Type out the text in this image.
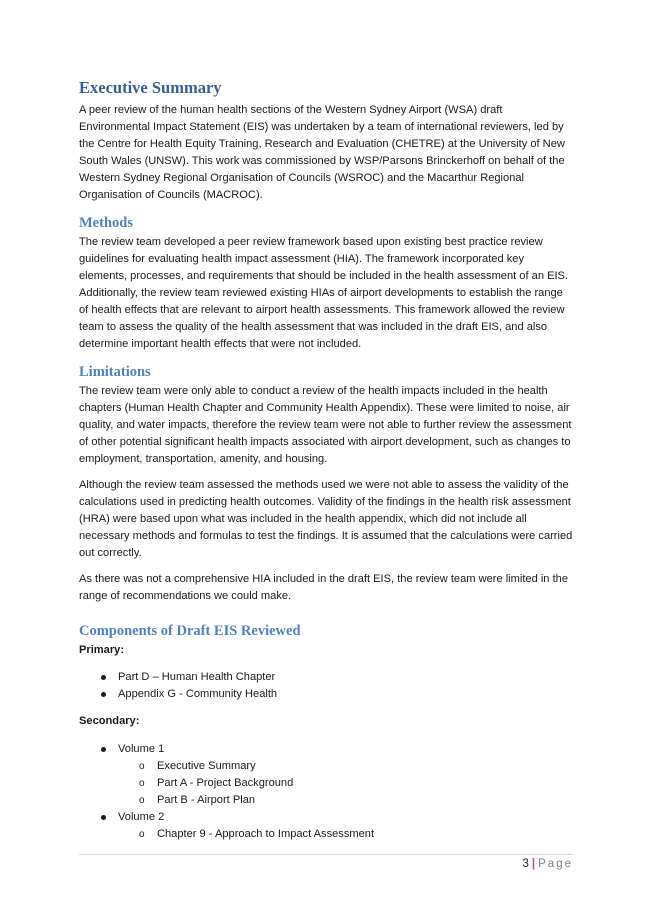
Executive Summary

A peer review of the human health sections of the Western Sydney Airport (WSA) draft Environmental Impact Statement (EIS) was undertaken by a team of international reviewers, led by the Centre for Health Equity Training, Research and Evaluation (CHETRE) at the University of New South Wales (UNSW). This work was commissioned by WSP/Parsons Brinckerhoff on behalf of the Western Sydney Regional Organisation of Councils (WSROC) and the Macarthur Regional Organisation of Councils (MACROC).

Methods

The review team developed a peer review framework based upon existing best practice review guidelines for evaluating health impact assessment (HIA). The framework incorporated key elements, processes, and requirements that should be included in the health assessment of an EIS. Additionally, the review team reviewed existing HIAs of airport developments to establish the range of health effects that are relevant to airport health assessments. This framework allowed the review team to assess the quality of the health assessment that was included in the draft EIS, and also determine important health effects that were not included.

Limitations

The review team were only able to conduct a review of the health impacts included in the health chapters (Human Health Chapter and Community Health Appendix). These were limited to noise, air quality, and water impacts, therefore the review team were not able to further review the assessment of other potential significant health impacts associated with airport development, such as changes to employment, transportation, amenity, and housing.

Although the review team assessed the methods used we were not able to assess the validity of the calculations used in predicting health outcomes. Validity of the findings in the health risk assessment (HRA) were based upon what was included in the health appendix, which did not include all necessary methods and formulas to test the findings. It is assumed that the calculations were carried out correctly.

As there was not a comprehensive HIA included in the draft EIS, the review team were limited in the range of recommendations we could make.

Components of Draft EIS Reviewed

Primary:

Part D – Human Health Chapter
Appendix G - Community Health

Secondary:

Volume 1
o Executive Summary
o Part A - Project Background
o Part B - Airport Plan
Volume 2
o Chapter 9 - Approach to Impact Assessment
3 | Page
